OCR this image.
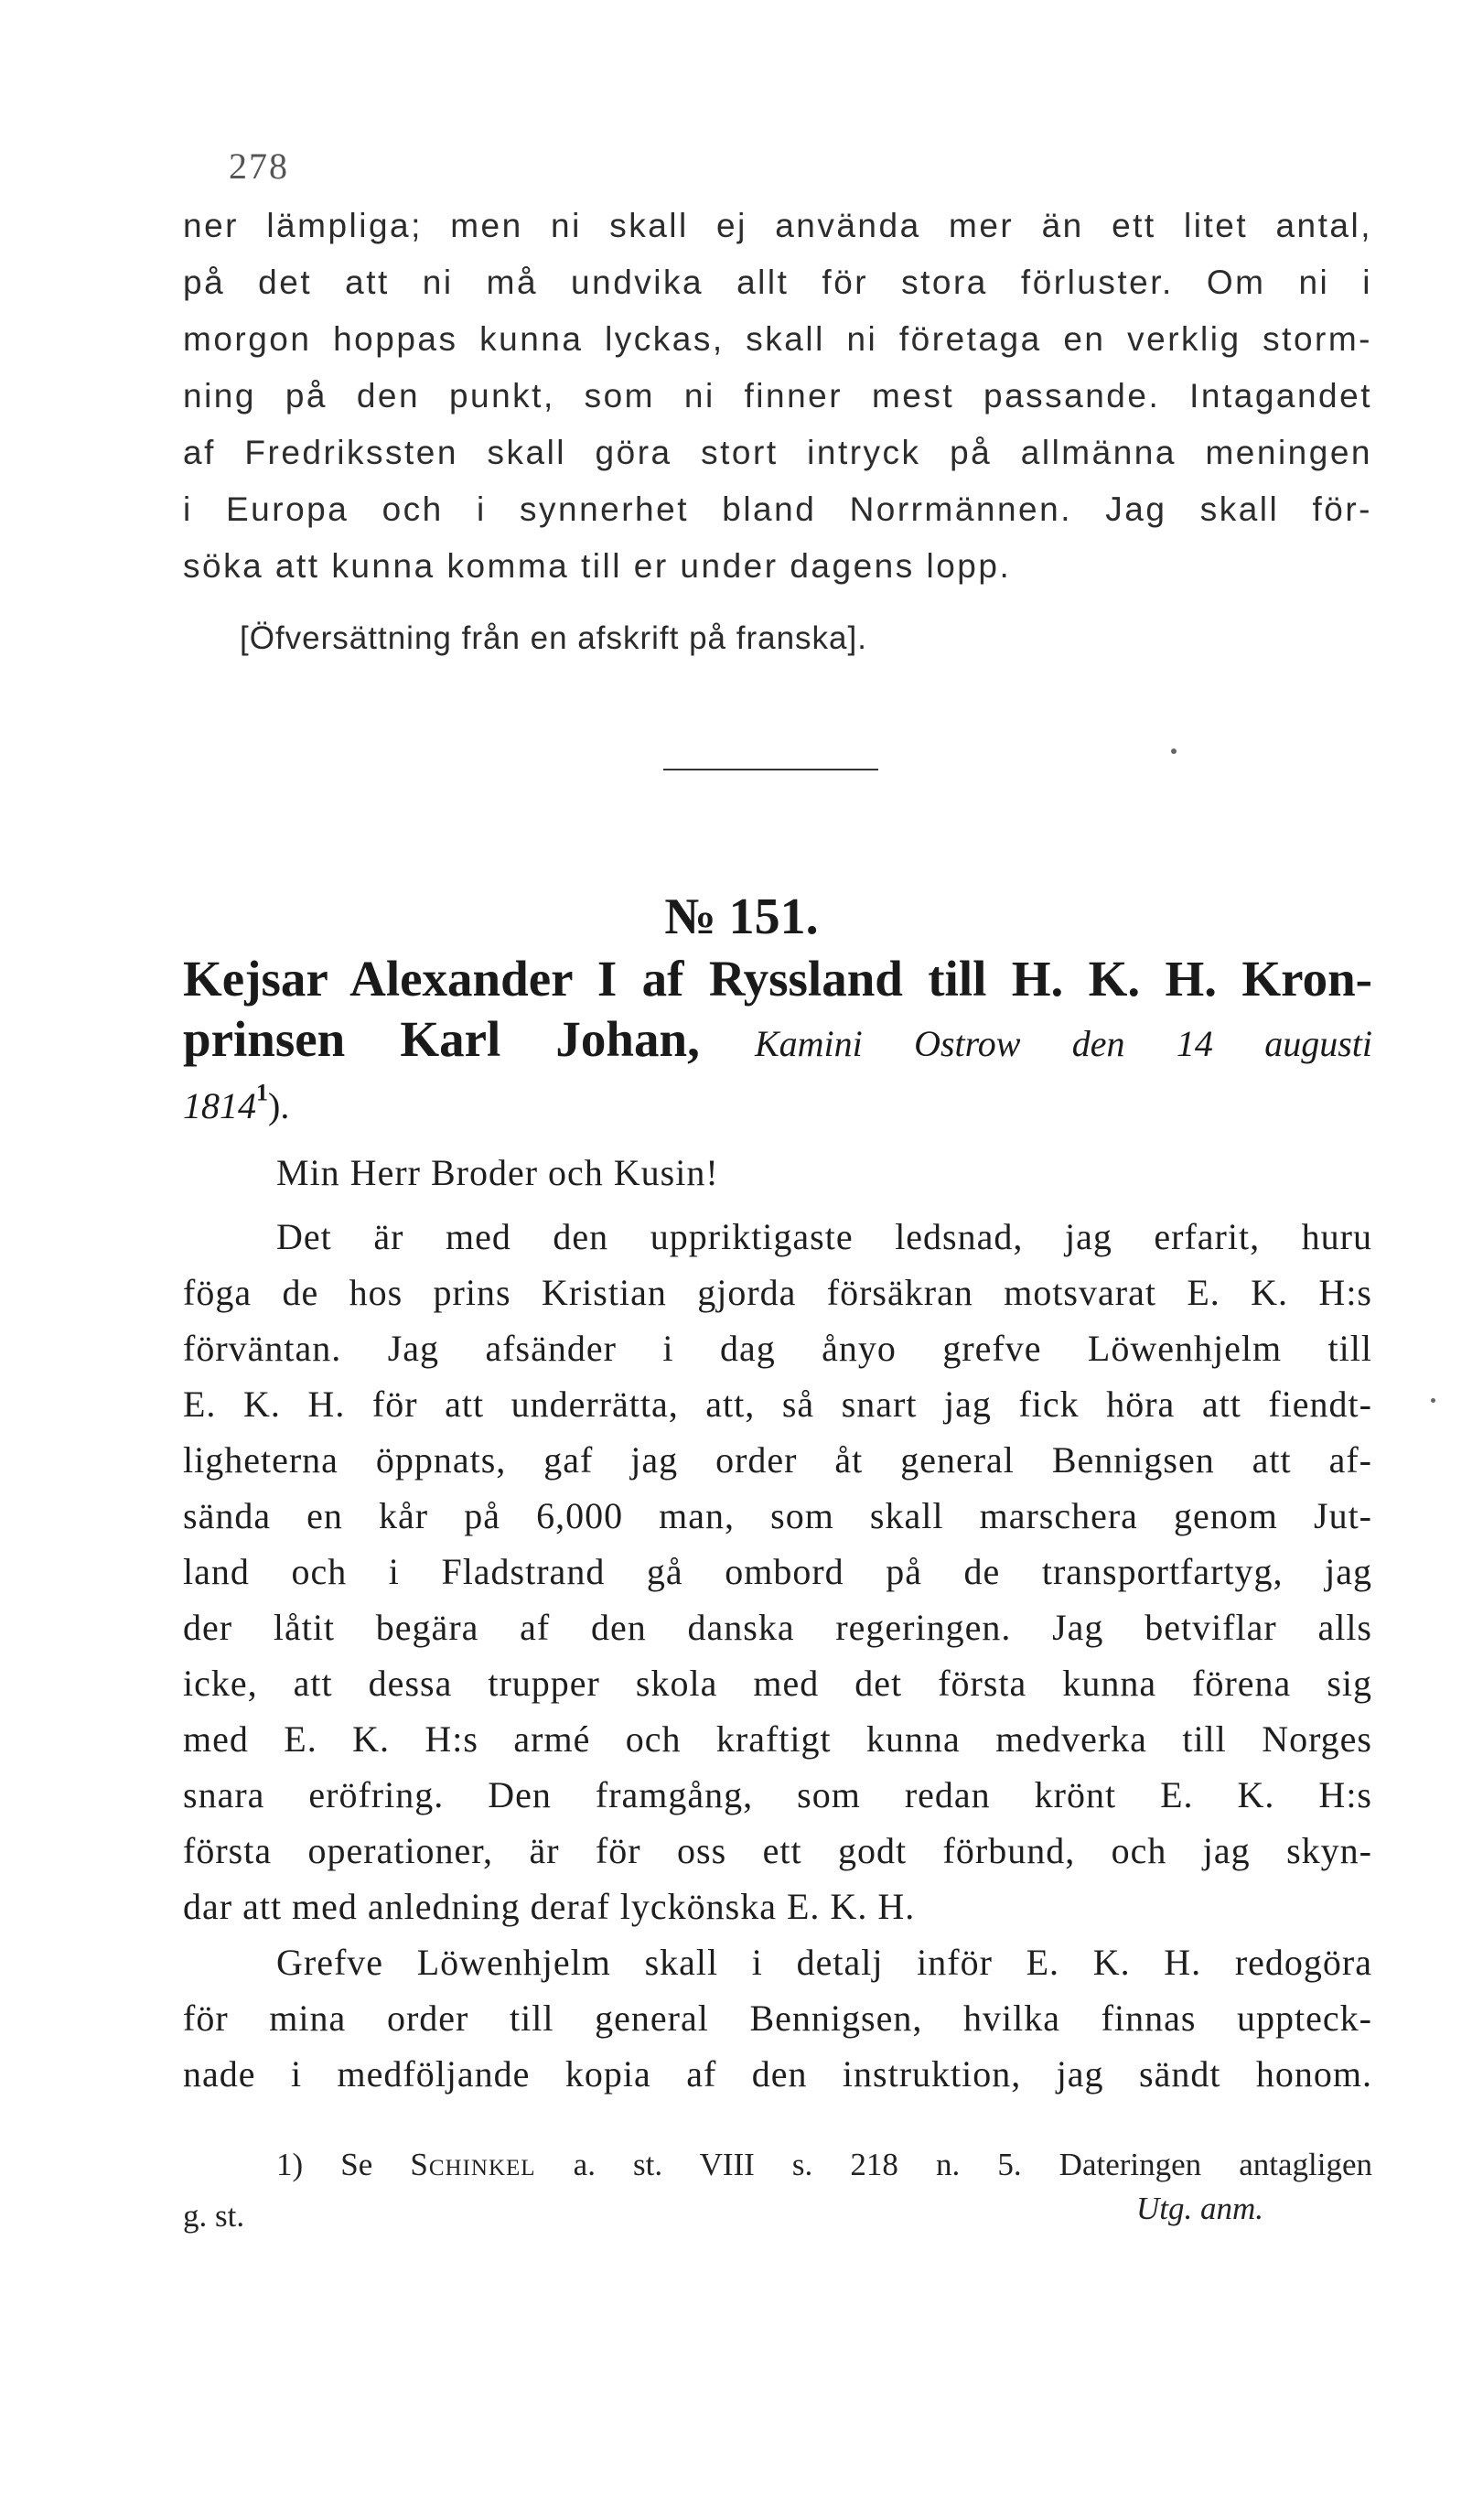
278
ner lämpliga; men ni skall ej använda mer än ett litet antal,
på det att ni må undvika allt för stora förluster. Om ni i
morgon hoppas kunna lyckas, skall ni företaga en verklig storm-
ning på den punkt, som ni finner mest passande. Intagandet
af Fredrikssten skall göra stort intryck på allmänna meningen
i Europa och i synnerhet bland Norrmännen. Jag skall för-
söka att kunna komma till er under dagens lopp.
[Öfversättning från en afskrift på franska].
№ 151.
Kejsar Alexander I af Ryssland till H. K. H. Kron-
prinsen Karl Johan, Kamini Ostrow den 14 augusti
1814$^1$).
Min Herr Broder och Kusin!
Det är med den uppriktigaste ledsnad, jag erfarit, huru
föga de hos prins Kristian gjorda försäkran motsvarat E. K. H:s
förväntan. Jag afsänder i dag ånyo grefve Löwenhjelm till
E. K. H. för att underrätta, att, så snart jag fick höra att fiendt-
ligheterna öppnats, gaf jag order åt general Bennigsen att af-
sända en kår på 6,000 man, som skall marschera genom Jut-
land och i Fladstrand gå ombord på de transportfartyg, jag
der låtit begära af den danska regeringen. Jag betviflar alls
icke, att dessa trupper skola med det första kunna förena sig
med E. K. H:s armé och kraftigt kunna medverka till Norges
snara eröfring. Den framgång, som redan krönt E. K. H:s
första operationer, är för oss ett godt förbund, och jag skyn-
dar att med anledning deraf lyckönska E. K. H.
Grefve Löwenhjelm skall i detalj inför E. K. H. redogöra
för mina order till general Bennigsen, hvilka finnas uppteck-
nade i medföljande kopia af den instruktion, jag sändt honom.
1) Se Schinkel a. st. VIII s. 218 n. 5. Dateringen antagligen
g. st.	Utg. anm.
